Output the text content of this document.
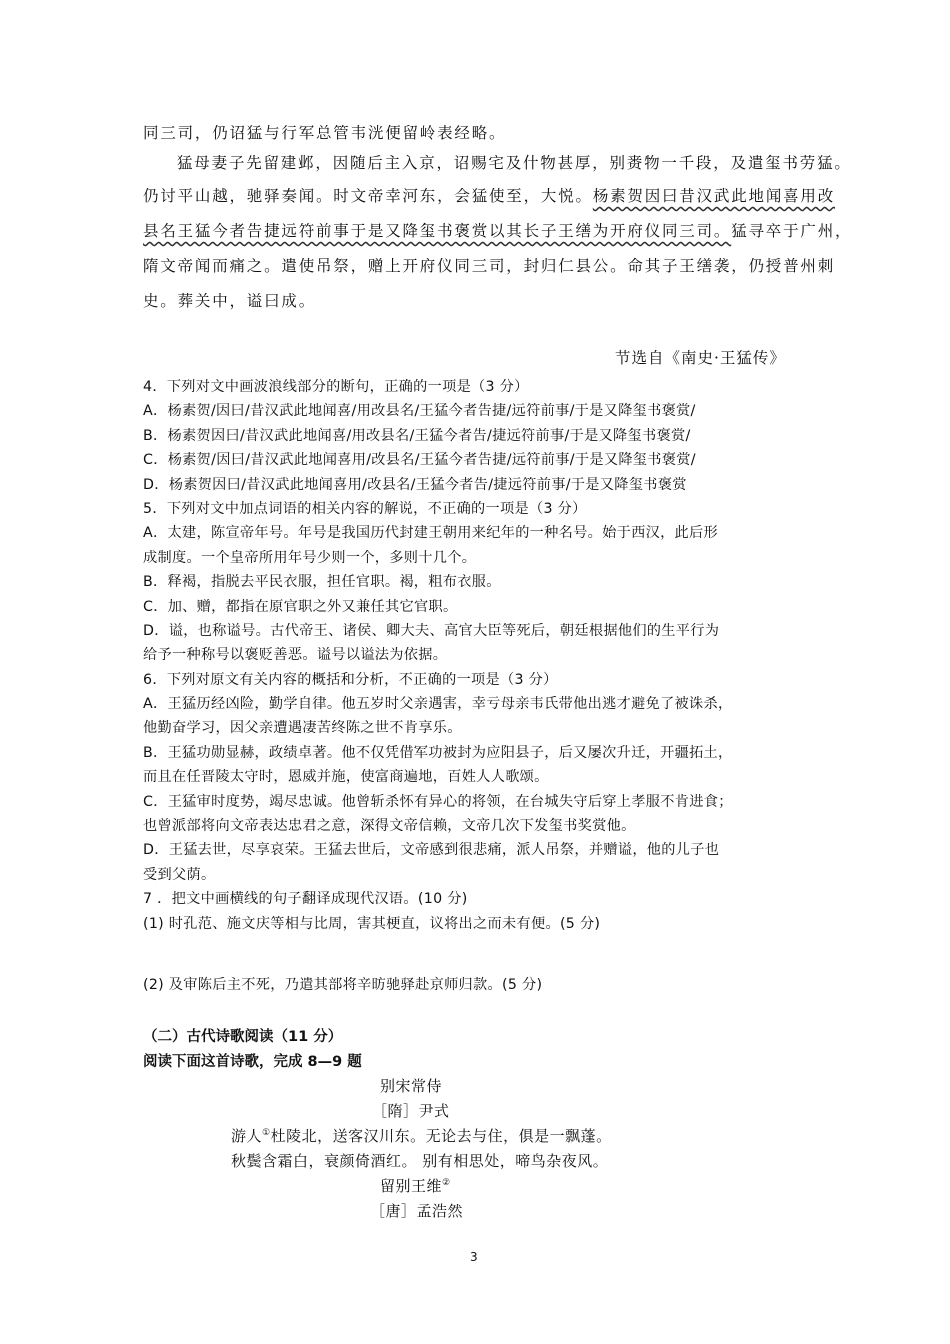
同三司，仍诏猛与行军总管韦洸便留岭表经略。

猛母妻子先留建邺，因随后主入京，诏赐宅及什物甚厚，别赉物一千段，及遣玺书劳猛。

仍讨平山越，驰驿奏闻。时文帝幸河东，会猛使至，大悦。杨素贺因曰昔汉武此地闻喜用改

县名王猛今者告捷远符前事于是又降玺书褒赏以其长子王缮为开府仪同三司。猛寻卒于广州，

隋文帝闻而痛之。遣使吊祭，赠上开府仪同三司，封归仁县公。命其子王缮袭，仍授普州刺

史。葬关中，谥曰成。

节选自《南史·王猛传》
4．下列对文中画波浪线部分的断句，正确的一项是（3 分）
A．杨素贺/因曰/昔汉武此地闻喜/用改县名/王猛今者告捷/远符前事/于是又降玺书褒赏/
B．杨素贺因曰/昔汉武此地闻喜/用改县名/王猛今者告/捷远符前事/于是又降玺书褒赏/
C．杨素贺/因曰/昔汉武此地闻喜用/改县名/王猛今者告捷/远符前事/于是又降玺书褒赏/
D．杨素贺因曰/昔汉武此地闻喜用/改县名/王猛今者告/捷远符前事/于是又降玺书褒赏
5．下列对文中加点词语的相关内容的解说，不正确的一项是（3 分）
A．太建，陈宣帝年号。年号是我国历代封建王朝用来纪年的一种名号。始于西汉，此后形
成制度。一个皇帝所用年号少则一个，多则十几个。
B．释褐，指脱去平民衣服，担任官职。褐，粗布衣服。
C．加、赠，都指在原官职之外又兼任其它官职。
D．谥，也称谥号。古代帝王、诸侯、卿大夫、高官大臣等死后，朝廷根据他们的生平行为
给予一种称号以褒贬善恶。谥号以谥法为依据。
6．下列对原文有关内容的概括和分析，不正确的一项是（3 分）
A．王猛历经凶险，勤学自律。他五岁时父亲遇害，幸亏母亲韦氏带他出逃才避免了被诛杀，
他勤奋学习，因父亲遭遇凄苦终陈之世不肯享乐。
B．王猛功勋显赫，政绩卓著。他不仅凭借军功被封为应阳县子，后又屡次升迁，开疆拓土，
而且在任晋陵太守时，恩威并施，使富商遍地，百姓人人歌颂。
C．王猛审时度势，竭尽忠诚。他曾斩杀怀有异心的将领，在台城失守后穿上孝服不肯进食；
也曾派部将向文帝表达忠君之意，深得文帝信赖，文帝几次下发玺书奖赏他。
D．王猛去世，尽享哀荣。王猛去世后，文帝感到很悲痛，派人吊祭，并赠谥，他的儿子也
受到父荫。
7 ．把文中画横线的句子翻译成现代汉语。(10 分)
(1) 时孔范、施文庆等相与比周，害其梗直，议将出之而未有便。(5 分)
(2) 及审陈后主不死，乃遣其部将辛昉驰驿赴京师归款。(5 分)
（二）古代诗歌阅读（11 分）
阅读下面这首诗歌，完成 8—9 题
别宋常侍
［隋］尹式
游人①杜陵北，送客汉川东。无论去与住，俱是一飘蓬。
秋鬓含霜白，衰颜倚酒红。 别有相思处，啼鸟杂夜风。
留别王维②
［唐］孟浩然
3
